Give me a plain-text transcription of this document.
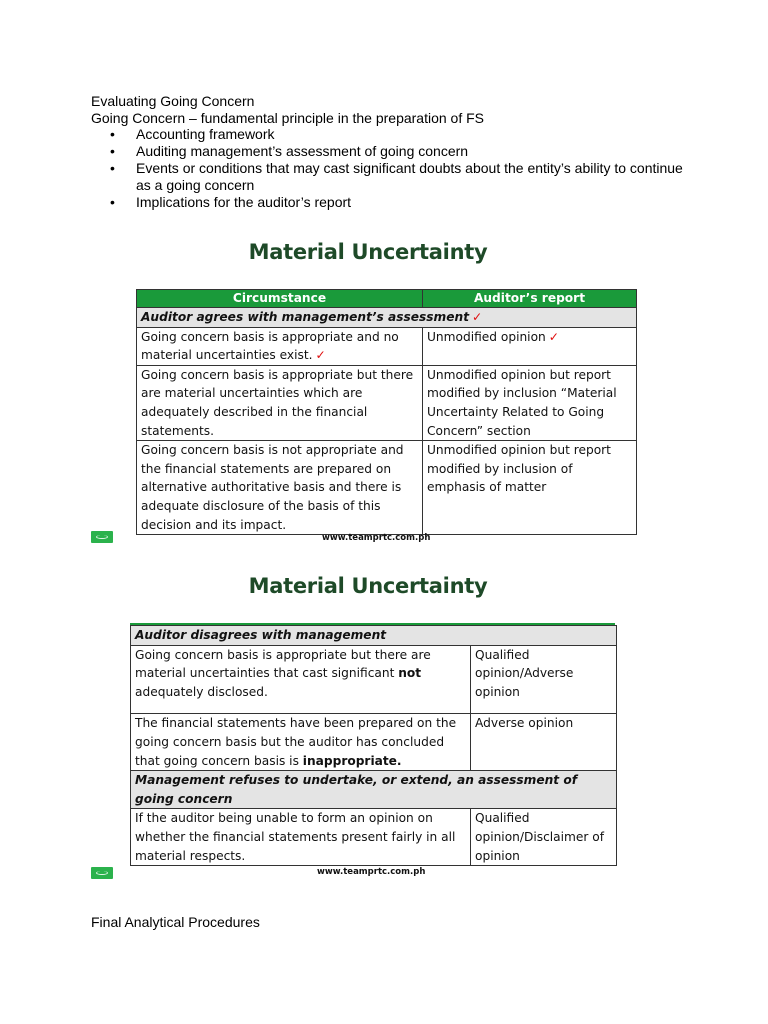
Evaluating Going Concern
Going Concern – fundamental principle in the preparation of FS
• Accounting framework
• Auditing management’s assessment of going concern
• Events or conditions that may cast significant doubts about the entity’s ability to continue as a going concern
• Implications for the auditor’s report
Material Uncertainty
Circumstance	Auditor’s report
Auditor agrees with management’s assessment ✓	
Going concern basis is appropriate and no material uncertainties exist. ✓	Unmodified opinion ✓
Going concern basis is appropriate but there are material uncertainties which are adequately described in the financial statements.	Unmodified opinion but report modified by inclusion “Material Uncertainty Related to Going Concern” section
Going concern basis is not appropriate and the financial statements are prepared on alternative authoritative basis and there is adequate disclosure of the basis of this decision and its impact.	Unmodified opinion but report modified by inclusion of emphasis of matter
www.teamprtc.com.ph
Material Uncertainty
Auditor disagrees with management	
Going concern basis is appropriate but there are material uncertainties that cast significant not adequately disclosed.	Qualified opinion/Adverse opinion
The financial statements have been prepared on the going concern basis but the auditor has concluded that going concern basis is inappropriate.	Adverse opinion
Management refuses to undertake, or extend, an assessment of going concern	
If the auditor being unable to form an opinion on whether the financial statements present fairly in all material respects.	Qualified opinion/Disclaimer of opinion
www.teamprtc.com.ph
Final Analytical Procedures
